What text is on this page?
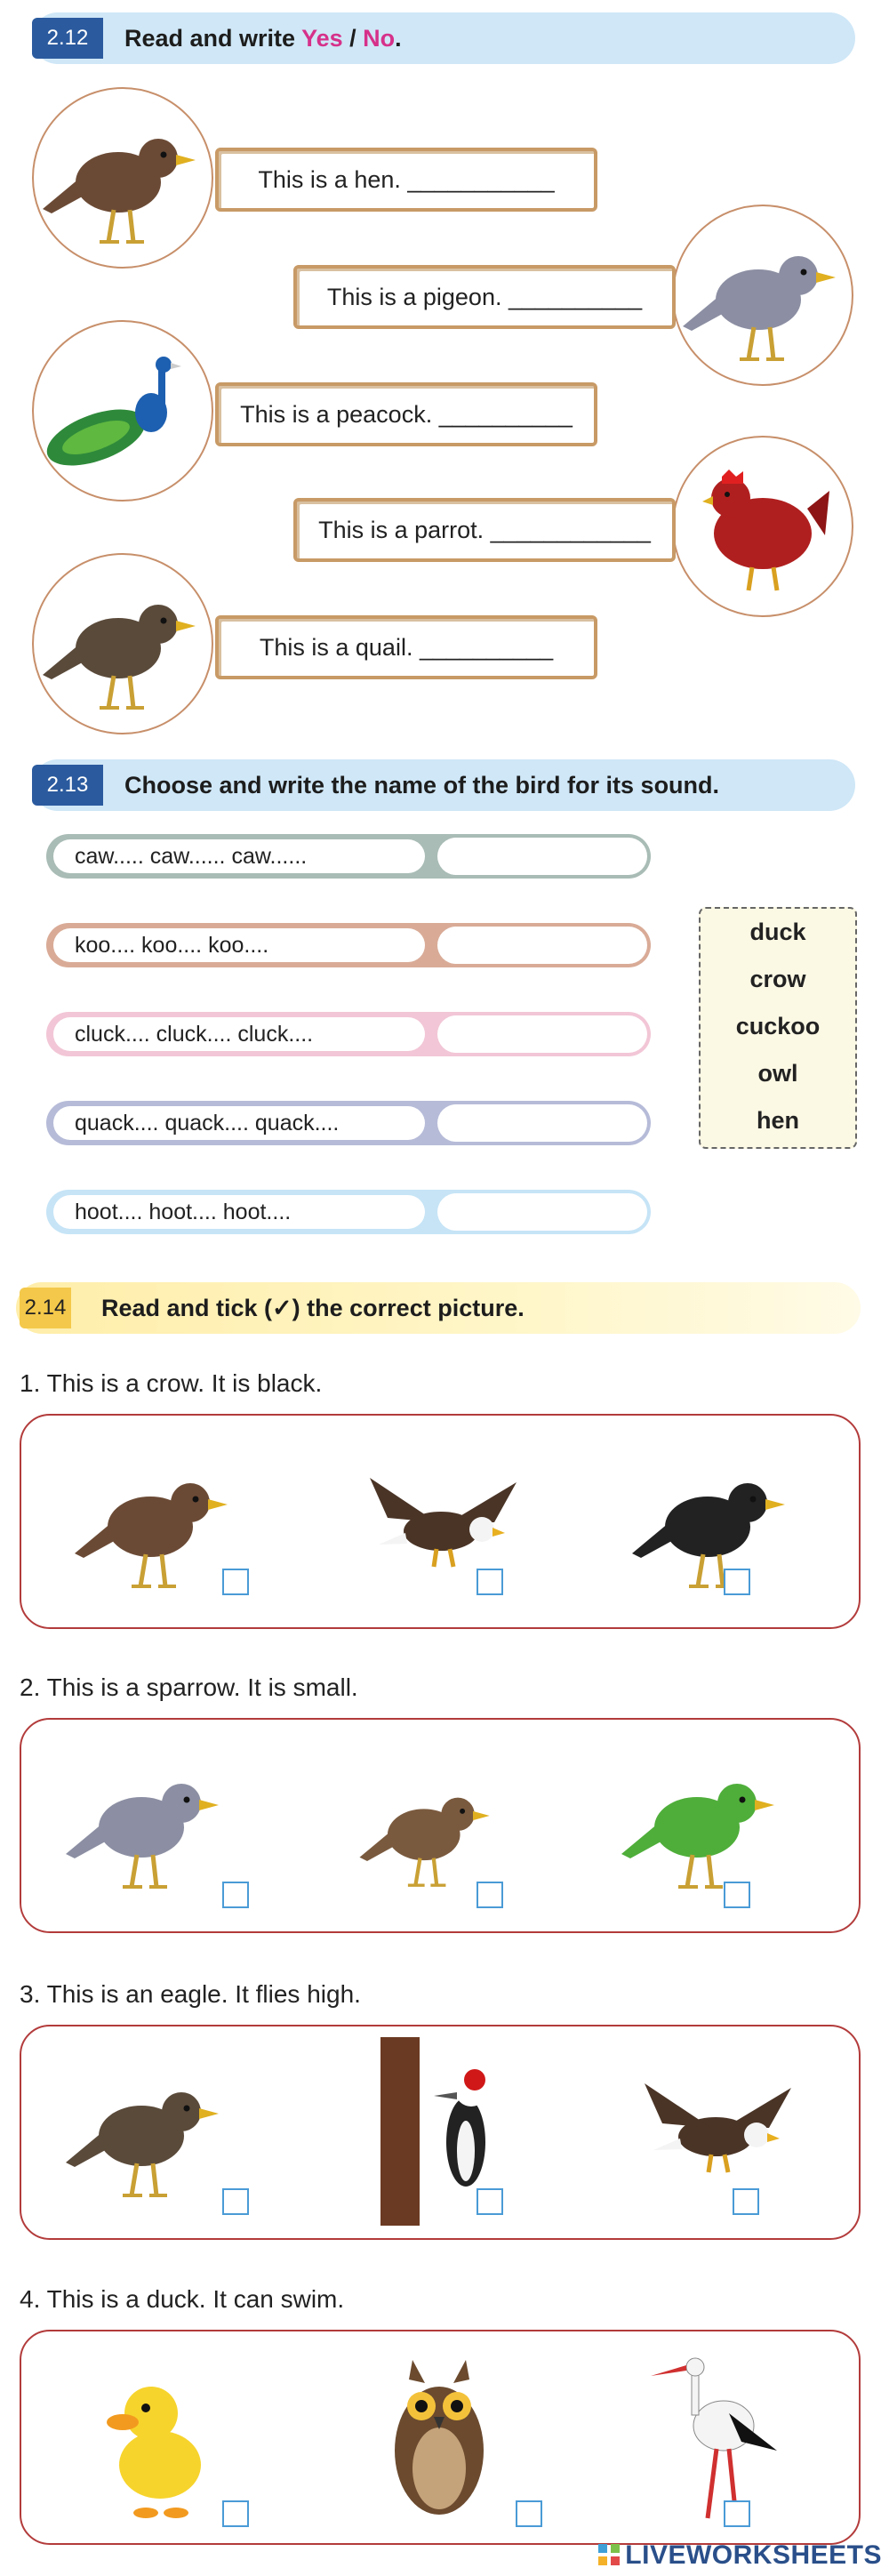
2.12	Read and write Yes / No.
This is a hen. ___________
This is a pigeon. __________
This is a peacock. __________
This is a parrot. ____________
This is a quail. __________
2.13	Choose and write the name of the bird for its sound.
caw..... caw...... caw......
koo.... koo.... koo....
cluck.... cluck.... cluck....
quack.... quack.... quack....
hoot.... hoot.... hoot....
duck
crow
cuckoo
owl
hen
2.14 Read and tick (✓) the correct picture.
1. This is a crow. It is black.
2. This is a sparrow. It is small.
3. This is an eagle. It flies high.
4. This is a duck. It can swim.
LIVEWORKSHEETS
